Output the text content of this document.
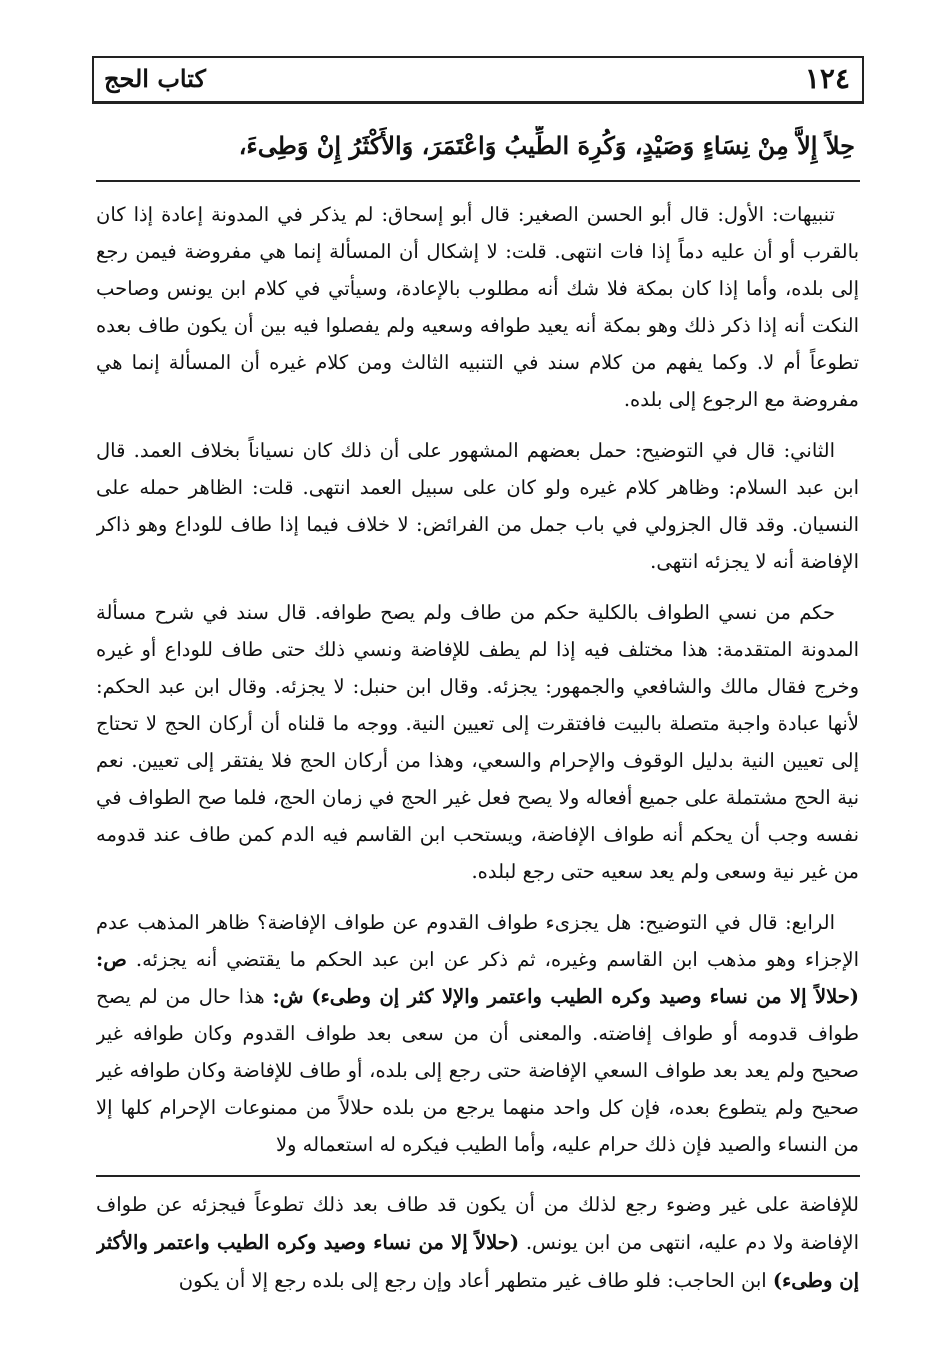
١٢٤
كتاب الحج
حِلاً إِلاَّ مِنْ نِسَاءٍ وَصَيْدٍ، وَكُرِهَ الطِّيبُ وَاعْتَمَرَ، وَالأَكْثَرُ إِنْ وَطِىءَ،

تنبيهات: الأول: قال أبو الحسن الصغير: قال أبو إسحاق: لم يذكر في المدونة إعادة إذا كان بالقرب أو أن عليه دماً إذا فات انتهى. قلت: لا إشكال أن المسألة إنما هي مفروضة فيمن رجع إلى بلده، وأما إذا كان بمكة فلا شك أنه مطلوب بالإعادة، وسيأتي في كلام ابن يونس وصاحب النكت أنه إذا ذكر ذلك وهو بمكة أنه يعيد طوافه وسعيه ولم يفصلوا فيه بين أن يكون طاف بعده تطوعاً أم لا. وكما يفهم من كلام سند في التنبيه الثالث ومن كلام غيره أن المسألة إنما هي مفروضة مع الرجوع إلى بلده.

الثاني: قال في التوضيح: حمل بعضهم المشهور على أن ذلك كان نسياناً بخلاف العمد. قال ابن عبد السلام: وظاهر كلام غيره ولو كان على سبيل العمد انتهى. قلت: الظاهر حمله على النسيان. وقد قال الجزولي في باب جمل من الفرائض: لا خلاف فيما إذا طاف للوداع وهو ذاكر الإفاضة أنه لا يجزئه انتهى.

حكم من نسي الطواف بالكلية حكم من طاف ولم يصح طوافه. قال سند في شرح مسألة المدونة المتقدمة: هذا مختلف فيه إذا لم يطف للإفاضة ونسي ذلك حتى طاف للوداع أو غيره وخرج فقال مالك والشافعي والجمهور: يجزئه. وقال ابن حنبل: لا يجزئه. وقال ابن عبد الحكم: لأنها عبادة واجبة متصلة بالبيت فافتقرت إلى تعيين النية. ووجه ما قلناه أن أركان الحج لا تحتاج إلى تعيين النية بدليل الوقوف والإحرام والسعي، وهذا من أركان الحج فلا يفتقر إلى تعيين. نعم نية الحج مشتملة على جميع أفعاله ولا يصح فعل غير الحج في زمان الحج، فلما صح الطواف في نفسه وجب أن يحكم أنه طواف الإفاضة، ويستحب ابن القاسم فيه الدم كمن طاف عند قدومه من غير نية وسعى ولم يعد سعيه حتى رجع لبلده.

الرابع: قال في التوضيح: هل يجزىء طواف القدوم عن طواف الإفاضة؟ ظاهر المذهب عدم الإجزاء وهو مذهب ابن القاسم وغيره، ثم ذكر عن ابن عبد الحكم ما يقتضي أنه يجزئه. ص: (حلالاً إلا من نساء وصيد وكره الطيب واعتمر والإلا كثر إن وطىء) ش: هذا حال من لم يصح طواف قدومه أو طواف إفاضته. والمعنى أن من سعى بعد طواف القدوم وكان طوافه غير صحيح ولم يعد بعد طواف السعي الإفاضة حتى رجع إلى بلده، أو طاف للإفاضة وكان طوافه غير صحيح ولم يتطوع بعده، فإن كل واحد منهما يرجع من بلده حلالاً من ممنوعات الإحرام كلها إلا من النساء والصيد فإن ذلك حرام عليه، وأما الطيب فيكره له استعماله ولا

للإفاضة على غير وضوء رجع لذلك من أن يكون قد طاف بعد ذلك تطوعاً فيجزئه عن طواف الإفاضة ولا دم عليه، انتهى من ابن يونس. (حلالاً إلا من نساء وصيد وكره الطيب واعتمر والأكثر إن وطىء) ابن الحاجب: فلو طاف غير متطهر أعاد وإن رجع إلى بلده رجع إلا أن يكون
